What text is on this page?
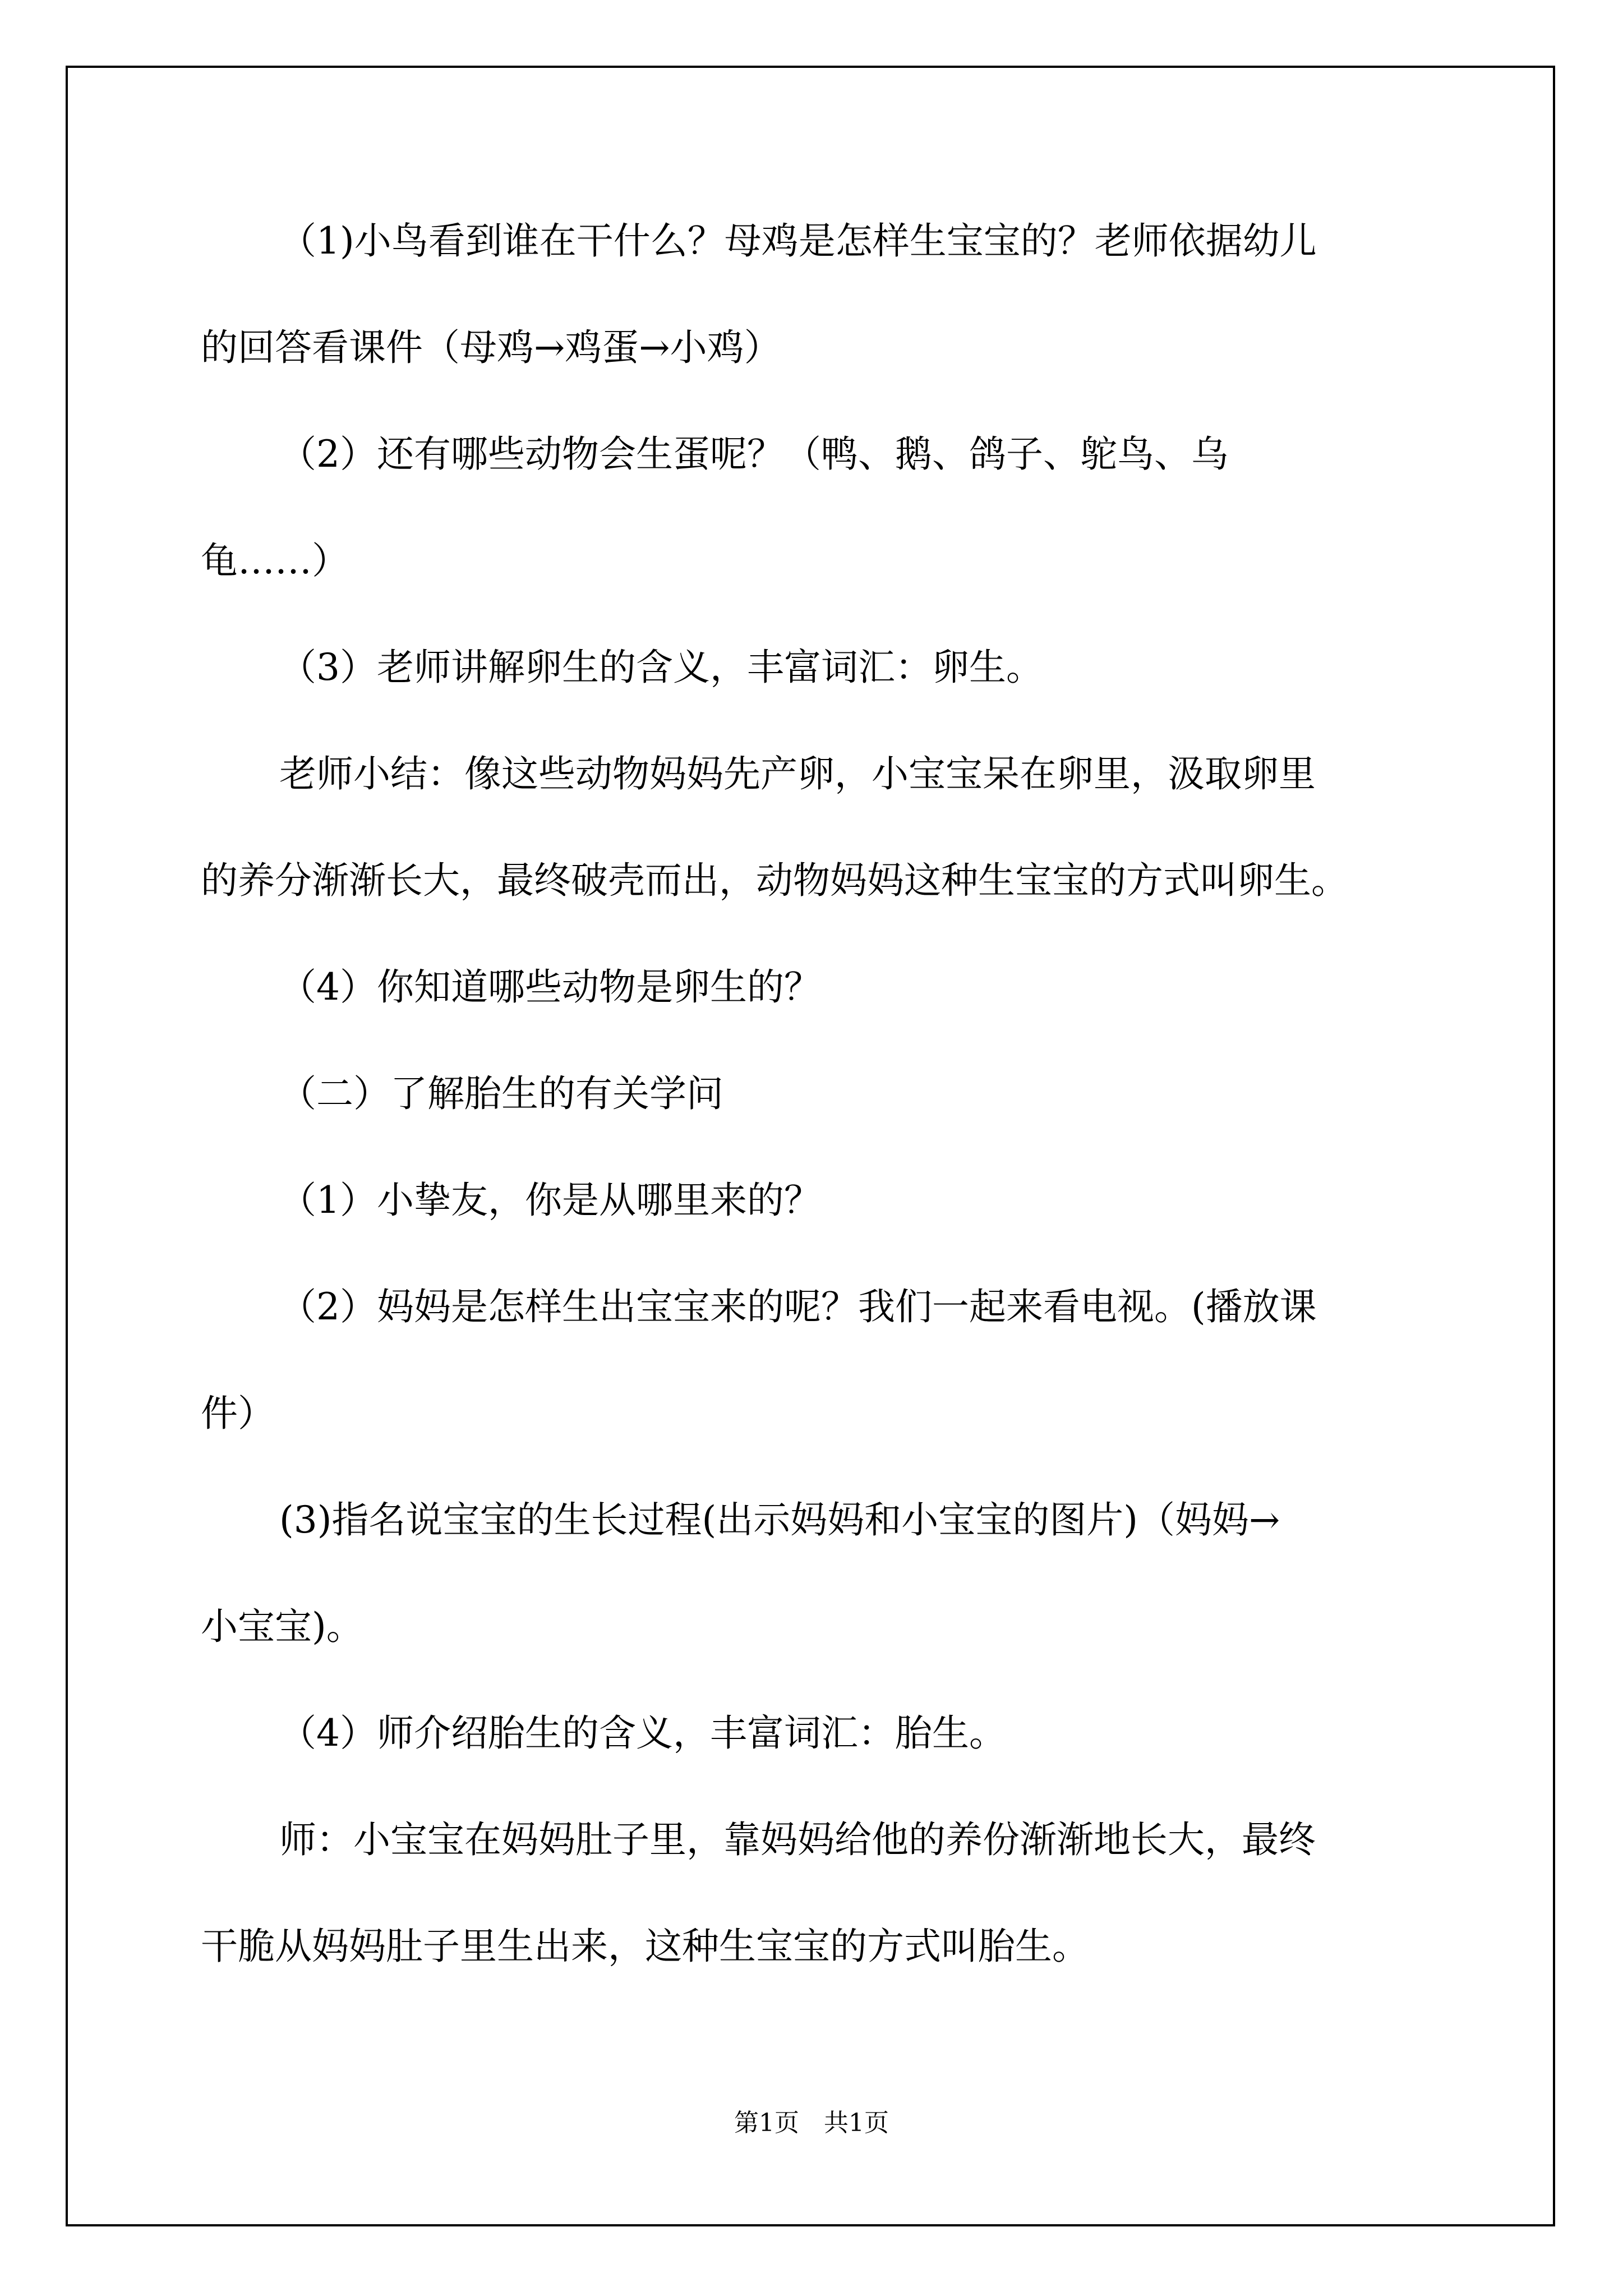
（1)小鸟看到谁在干什么？母鸡是怎样生宝宝的？老师依据幼儿
的回答看课件（母鸡→鸡蛋→小鸡）
（2）还有哪些动物会生蛋呢？（鸭、鹅、鸽子、鸵鸟、乌
龟……）
（3）老师讲解卵生的含义，丰富词汇：卵生。
老师小结：像这些动物妈妈先产卵，小宝宝呆在卵里，汲取卵里
的养分渐渐长大，最终破壳而出，动物妈妈这种生宝宝的方式叫卵生。
（4）你知道哪些动物是卵生的？
（二）了解胎生的有关学问
（1）小挚友，你是从哪里来的？
（2）妈妈是怎样生出宝宝来的呢？我们一起来看电视。(播放课
件）
(3)指名说宝宝的生长过程(出示妈妈和小宝宝的图片)（妈妈→
小宝宝)。
（4）师介绍胎生的含义，丰富词汇：胎生。
师：小宝宝在妈妈肚子里，靠妈妈给他的养份渐渐地长大，最终
干脆从妈妈肚子里生出来，这种生宝宝的方式叫胎生。
第1页　共1页
